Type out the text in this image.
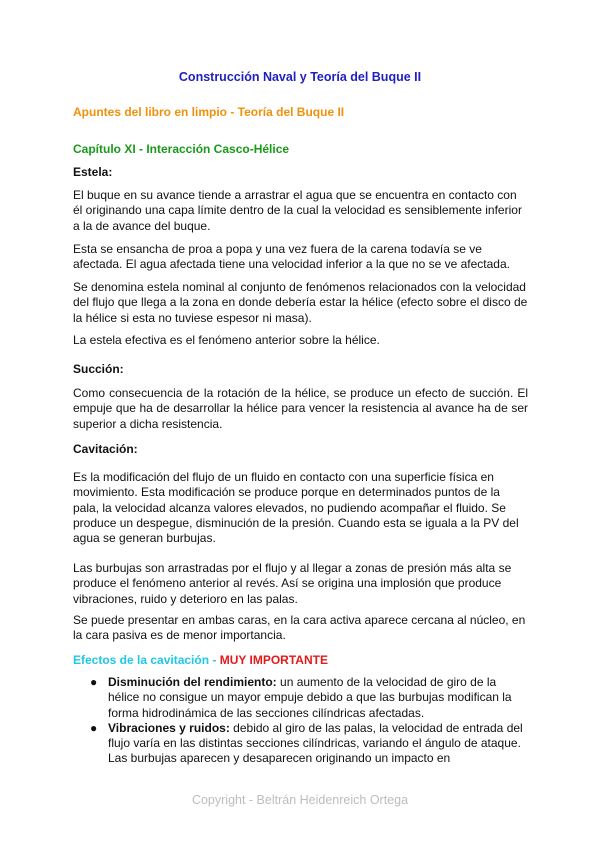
Construcción Naval y Teoría del Buque II
Apuntes del libro en limpio - Teoría del Buque II
Capítulo XI - Interacción Casco-Hélice
Estela:

El buque en su avance tiende a arrastrar el agua que se encuentra en contacto con él originando una capa límite dentro de la cual la velocidad es sensiblemente inferior a la de avance del buque.

Esta se ensancha de proa a popa y una vez fuera de la carena todavía se ve afectada. El agua afectada tiene una velocidad inferior a la que no se ve afectada.

Se denomina estela nominal al conjunto de fenómenos relacionados con la velocidad del flujo que llega a la zona en donde debería estar la hélice (efecto sobre el disco de la hélice si esta no tuviese espesor ni masa).

La estela efectiva es el fenómeno anterior sobre la hélice.

Succión:

Como consecuencia de la rotación de la hélice, se produce un efecto de succión. El empuje que ha de desarrollar la hélice para vencer la resistencia al avance ha de ser superior a dicha resistencia.

Cavitación:

Es la modificación del flujo de un fluido en contacto con una superficie física en movimiento. Esta modificación se produce porque en determinados puntos de la pala, la velocidad alcanza valores elevados, no pudiendo acompañar el fluido. Se produce un despegue, disminución de la presión. Cuando esta se iguala a la PV del agua se generan burbujas.

Las burbujas son arrastradas por el flujo y al llegar a zonas de presión más alta se produce el fenómeno anterior al revés. Así se origina una implosión que produce vibraciones, ruido y deterioro en las palas.

Se puede presentar en ambas caras, en la cara activa aparece cercana al núcleo, en la cara pasiva es de menor importancia.

Efectos de la cavitación - MUY IMPORTANTE
● Disminución del rendimiento: un aumento de la velocidad de giro de la hélice no consigue un mayor empuje debido a que las burbujas modifican la forma hidrodinámica de las secciones cilíndricas afectadas.
● Vibraciones y ruidos: debido al giro de las palas, la velocidad de entrada del flujo varía en las distintas secciones cilíndricas, variando el ángulo de ataque. Las burbujas aparecen y desaparecen originando un impacto en
Copyright - Beltrán Heidenreich Ortega
